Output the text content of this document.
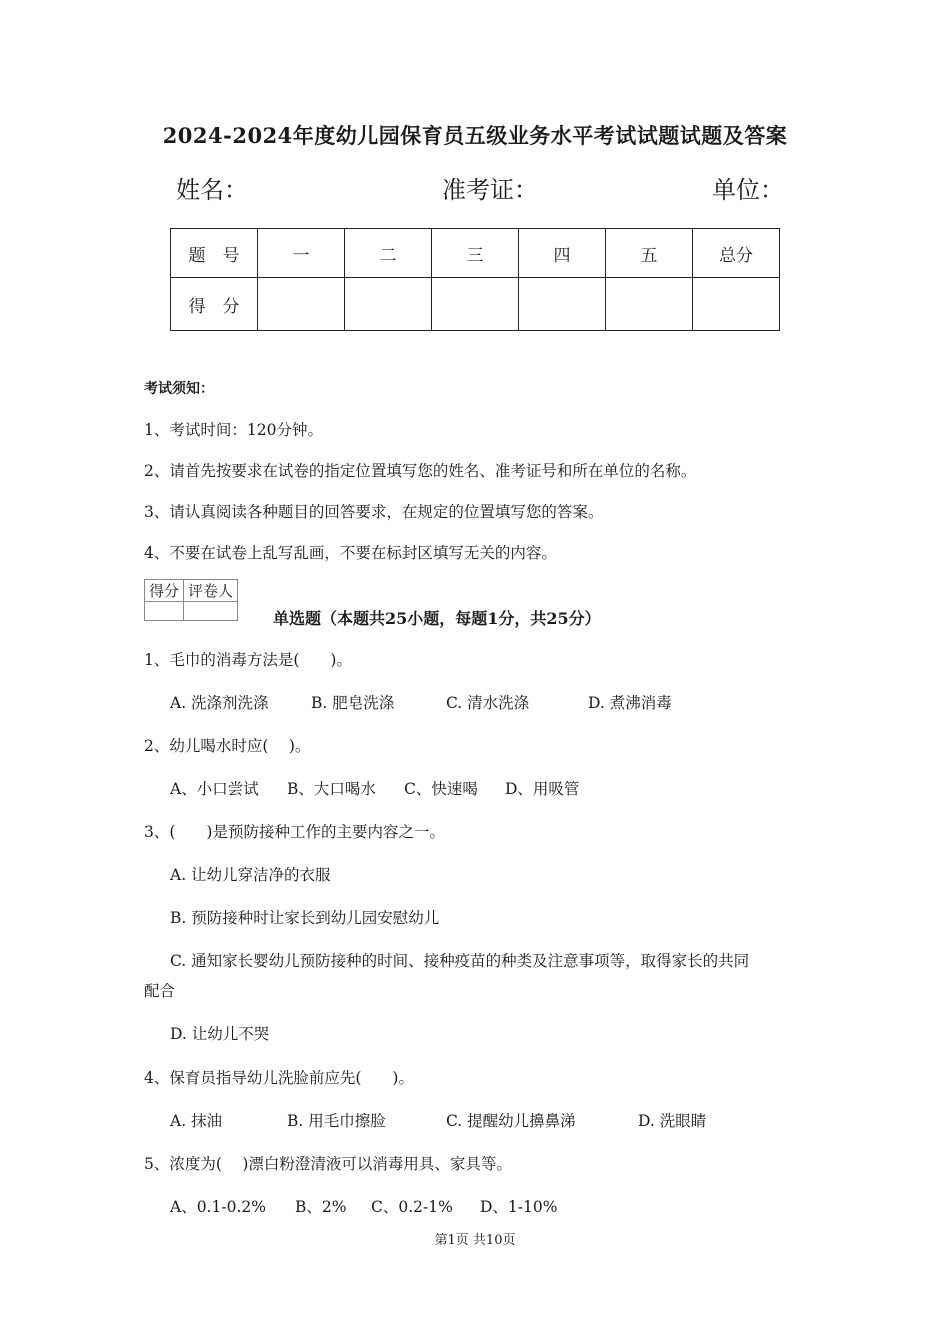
2024-2024年度幼儿园保育员五级业务水平考试试题试题及答案
姓名：	准考证：	单位：
题　号	一	二	三	四	五	总分
得　分						
考试须知：
1、考试时间：120分钟。
2、请首先按要求在试卷的指定位置填写您的姓名、准考证号和所在单位的名称。
3、请认真阅读各种题目的回答要求，在规定的位置填写您的答案。
4、不要在试卷上乱写乱画，不要在标封区填写无关的内容。
得分	评卷人

单选题（本题共25小题，每题1分，共25分）
1、毛巾的消毒方法是(　　)。
A. 洗涤剂洗涤	B. 肥皂洗涤	C. 清水洗涤	D. 煮沸消毒
2、幼儿喝水时应(　 )。
A、小口尝试 B、大口喝水 C、快速喝 D、用吸管
3、(　　)是预防接种工作的主要内容之一。
A. 让幼儿穿洁净的衣服
B. 预防接种时让家长到幼儿园安慰幼儿
C. 通知家长婴幼儿预防接种的时间、接种疫苗的种类及注意事项等，取得家长的共同
配合
D. 让幼儿不哭
4、保育员指导幼儿洗脸前应先(　　)。
A. 抹油	B. 用毛巾擦脸	C. 提醒幼儿擤鼻涕	D. 洗眼睛
5、浓度为(　 )漂白粉澄清液可以消毒用具、家具等。
A、0.1-0.2% B、2% C、0.2-1% D、1-10%
第1页 共10页
